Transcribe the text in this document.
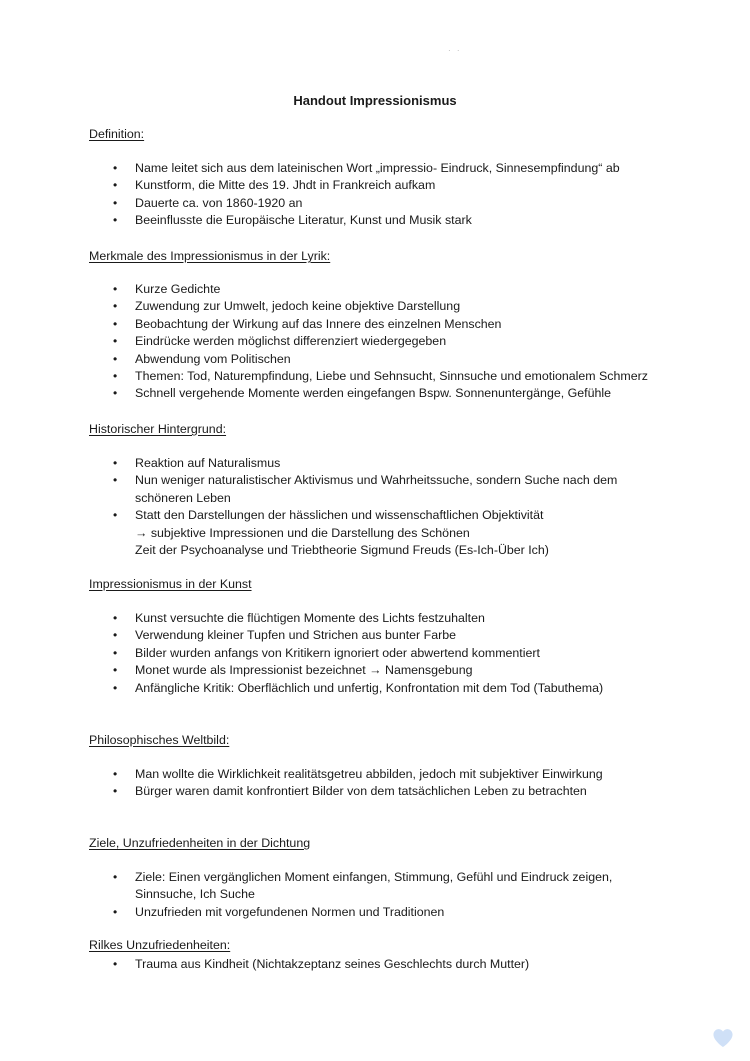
· ·
Handout Impressionismus
Definition:
• Name leitet sich aus dem lateinischen Wort „impressio- Eindruck, Sinnesempfindung“ ab
• Kunstform, die Mitte des 19. Jhdt in Frankreich aufkam
• Dauerte ca. von 1860-1920 an
• Beeinflusste die Europäische Literatur, Kunst und Musik stark
Merkmale des Impressionismus in der Lyrik:
• Kurze Gedichte
• Zuwendung zur Umwelt, jedoch keine objektive Darstellung
• Beobachtung der Wirkung auf das Innere des einzelnen Menschen
• Eindrücke werden möglichst differenziert wiedergegeben
• Abwendung vom Politischen
• Themen: Tod, Naturempfindung, Liebe und Sehnsucht, Sinnsuche und emotionalem Schmerz
• Schnell vergehende Momente werden eingefangen Bspw. Sonnenuntergänge, Gefühle
Historischer Hintergrund:
• Reaktion auf Naturalismus
• Nun weniger naturalistischer Aktivismus und Wahrheitssuche, sondern Suche nach dem
schöneren Leben
• Statt den Darstellungen der hässlichen und wissenschaftlichen Objektivität
→ subjektive Impressionen und die Darstellung des Schönen
Zeit der Psychoanalyse und Triebtheorie Sigmund Freuds (Es-Ich-Über Ich)
Impressionismus in der Kunst
• Kunst versuchte die flüchtigen Momente des Lichts festzuhalten
• Verwendung kleiner Tupfen und Strichen aus bunter Farbe
• Bilder wurden anfangs von Kritikern ignoriert oder abwertend kommentiert
• Monet wurde als Impressionist bezeichnet → Namensgebung
• Anfängliche Kritik: Oberflächlich und unfertig, Konfrontation mit dem Tod (Tabuthema)
Philosophisches Weltbild:
• Man wollte die Wirklichkeit realitätsgetreu abbilden, jedoch mit subjektiver Einwirkung
• Bürger waren damit konfrontiert Bilder von dem tatsächlichen Leben zu betrachten
Ziele, Unzufriedenheiten in der Dichtung
• Ziele: Einen vergänglichen Moment einfangen, Stimmung, Gefühl und Eindruck zeigen,
Sinnsuche, Ich Suche
• Unzufrieden mit vorgefundenen Normen und Traditionen
Rilkes Unzufriedenheiten:
• Trauma aus Kindheit (Nichtakzeptanz seines Geschlechts durch Mutter)
